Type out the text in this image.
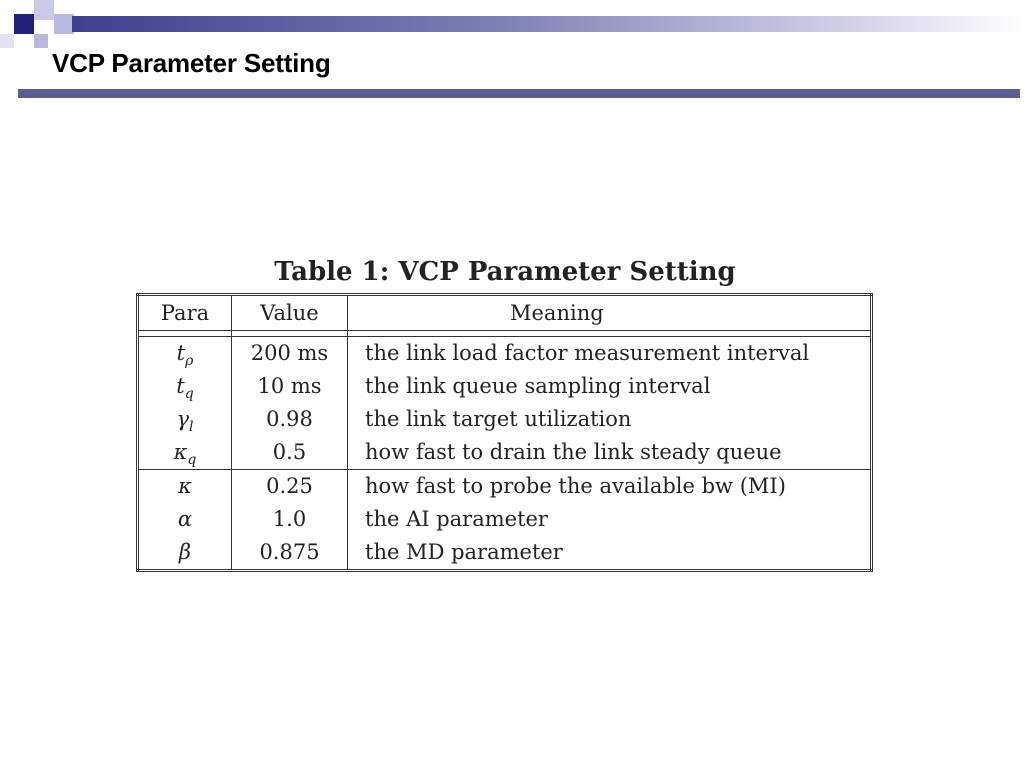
VCP Parameter Setting
Table 1: VCP Parameter Setting
Para	Value	Meaning

$t_\rho$	200 ms	the link load factor measurement interval
$t_q$	10 ms	the link queue sampling interval
$\gamma_l$	0.98	the link target utilization
$\kappa_q$	0.5	how fast to drain the link steady queue
κ	0.25	how fast to probe the available bw (MI)
α	1.0	the AI parameter
β	0.875	the MD parameter
